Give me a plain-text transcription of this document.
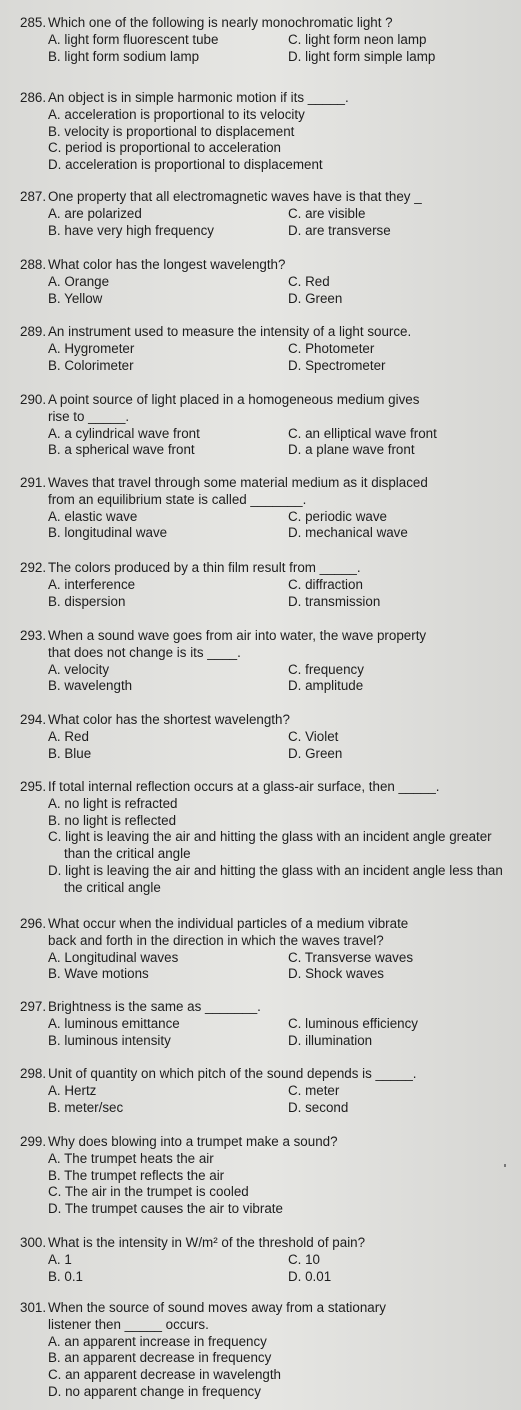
285. Which one of the following is nearly monochromatic light ?
A. light form fluorescent tube	C. light form neon lamp
B. light form sodium lamp	D. light form simple lamp
286. An object is in simple harmonic motion if its _____.
A. acceleration is proportional to its velocity
B. velocity is proportional to displacement
C. period is proportional to acceleration
D. acceleration is proportional to displacement
287. One property that all electromagnetic waves have is that they _
A. are polarized	C. are visible
B. have very high frequency	D. are transverse
288. What color has the longest wavelength?
A. Orange	C. Red
B. Yellow	D. Green
289. An instrument used to measure the intensity of a light source.
A. Hygrometer	C. Photometer
B. Colorimeter	D. Spectrometer
290. A point source of light placed in a homogeneous medium gives
rise to _____.
A. a cylindrical wave front	C. an elliptical wave front
B. a spherical wave front	D. a plane wave front
291. Waves that travel through some material medium as it displaced
from an equilibrium state is called _______.
A. elastic wave	C. periodic wave
B. longitudinal wave	D. mechanical wave
292. The colors produced by a thin film result from _____.
A. interference	C. diffraction
B. dispersion	D. transmission
293. When a sound wave goes from air into water, the wave property
that does not change is its ____.
A. velocity	C. frequency
B. wavelength	D. amplitude
294. What color has the shortest wavelength?
A. Red	C. Violet
B. Blue	D. Green
295. If total internal reflection occurs at a glass-air surface, then _____.
A. no light is refracted
B. no light is reflected
C. light is leaving the air and hitting the glass with an incident angle greater than the critical angle
D. light is leaving the air and hitting the glass with an incident angle less than the critical angle
296. What occur when the individual particles of a medium vibrate
back and forth in the direction in which the waves travel?
A. Longitudinal waves	C. Transverse waves
B. Wave motions	D. Shock waves
297. Brightness is the same as _______.
A. luminous emittance	C. luminous efficiency
B. luminous intensity	D. illumination
298. Unit of quantity on which pitch of the sound depends is _____.
A. Hertz	C. meter
B. meter/sec	D. second
299. Why does blowing into a trumpet make a sound?
A. The trumpet heats the air
B. The trumpet reflects the air
C. The air in the trumpet is cooled
D. The trumpet causes the air to vibrate
300. What is the intensity in W/m² of the threshold of pain?
A. 1	C. 10
B. 0.1	D. 0.01
301. When the source of sound moves away from a stationary
listener then _____ occurs.
A. an apparent increase in frequency
B. an apparent decrease in frequency
C. an apparent decrease in wavelength
D. no apparent change in frequency
